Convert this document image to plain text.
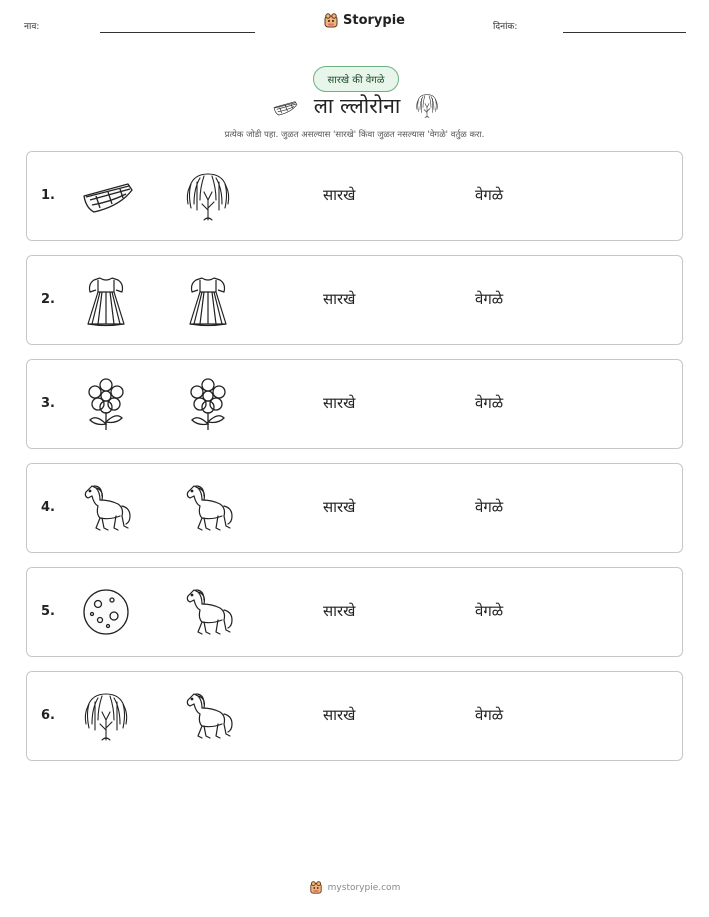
नाव:	Storypie	दिनांक:
सारखे की वेगळे
ला ल्लोरोना
प्रत्येक जोडी पहा. जुळत असल्यास 'सारखे' किंवा जुळत नसल्यास 'वेगळे' वर्तुळ करा.
1.	सारखे	वेगळे
2.	सारखे	वेगळे
3.	सारखे	वेगळे
4.	सारखे	वेगळे
5.	सारखे	वेगळे
6.	सारखे	वेगळे
mystorypie.com
